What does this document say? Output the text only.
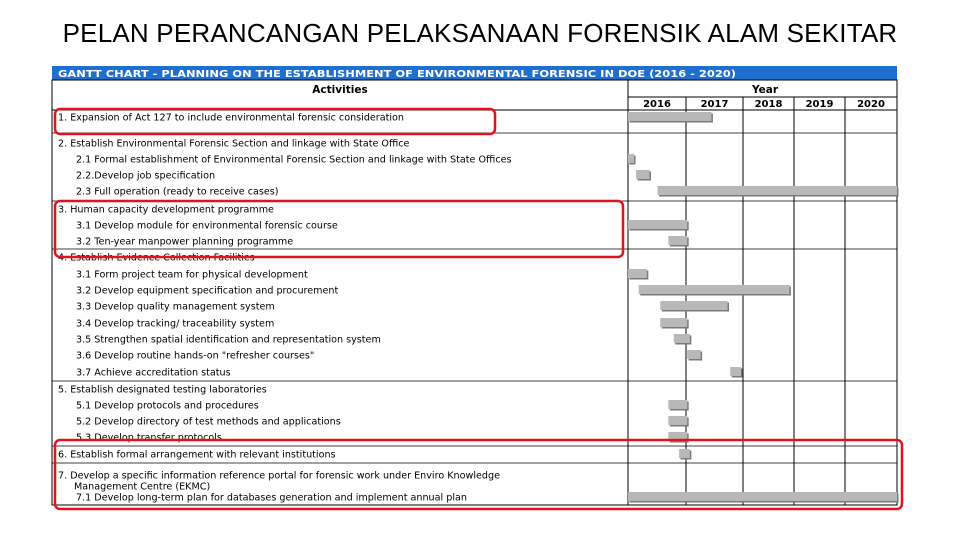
PELAN PERANCANGAN PELAKSANAAN FORENSIK ALAM SEKITAR
GANTT CHART - PLANNING ON THE ESTABLISHMENT OF ENVIRONMENTAL FORENSIC IN DOE (2016 - 2020)
Activities	Year
2016	2017	2018 2019 2020
1. Expansion of Act 127 to include environmental forensic consideration
2. Establish Environmental Forensic Section and linkage with State Office
2.1 Formal establishment of Environmental Forensic Section and linkage with State Offices
2.2.Develop job specification
2.3 Full operation (ready to receive cases)
3. Human capacity development programme
3.1 Develop module for environmental forensic course
3.2 Ten-year manpower planning programme
4. Establish Evidence Collection Facilities
3.1 Form project team for physical development
3.2 Develop equipment specification and procurement
3.3 Develop quality management system
3.4 Develop tracking/ traceability system
3.5 Strengthen spatial identification and representation system
3.6 Develop routine hands-on "refresher courses"
3.7 Achieve accreditation status
5. Establish designated testing laboratories
5.1 Develop protocols and procedures
5.2 Develop directory of test methods and applications
5.3 Develop transfer protocols
6. Establish formal arrangement with relevant institutions
7. Develop a specific information reference portal for forensic work under Enviro Knowledge
Management Centre (EKMC)
7.1 Develop long-term plan for databases generation and implement annual plan
